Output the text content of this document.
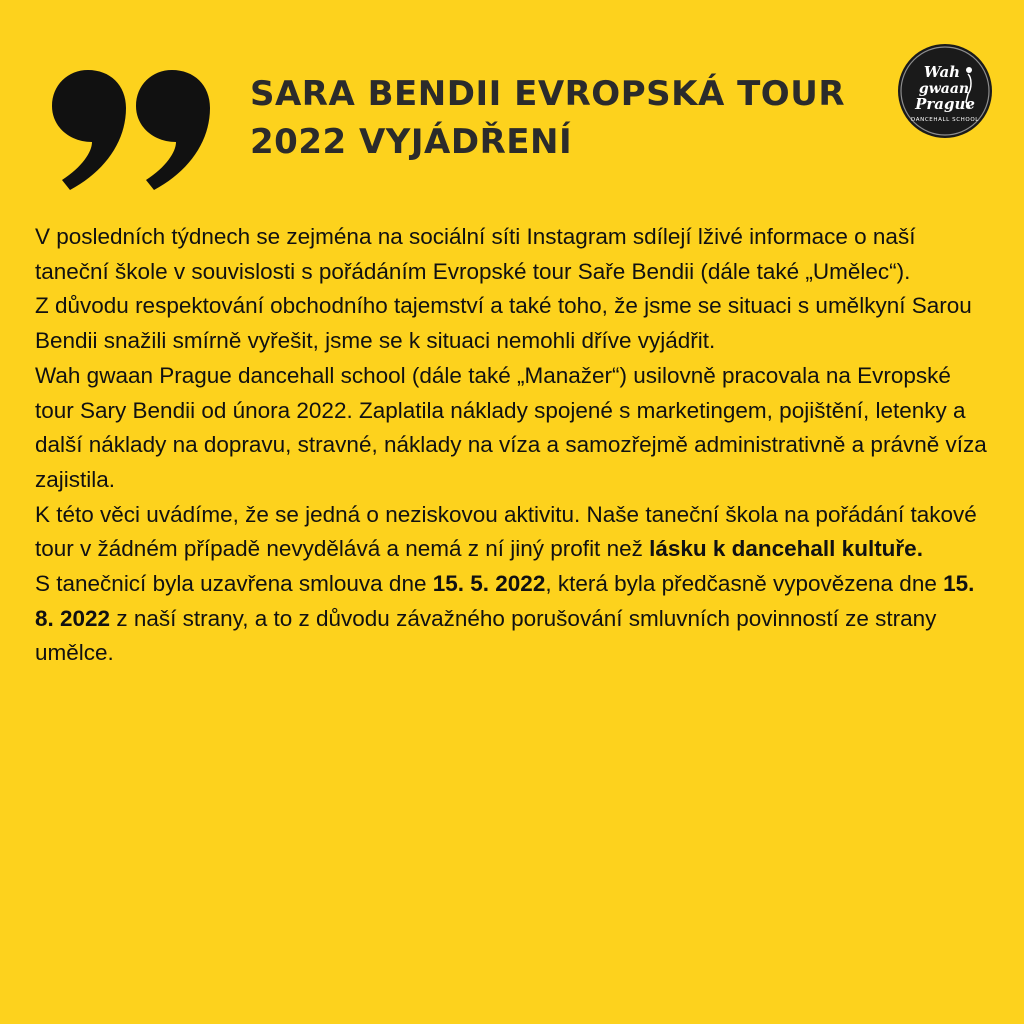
SARA BENDII EVROPSKÁ TOUR
2022 VYJÁDŘENÍ
Wah
gwaan
Prague
DANCEHALL SCHOOL

V posledních týdnech se zejména na sociální síti Instagram sdílejí lživé informace o naší taneční škole v souvislosti s pořádáním Evropské tour Saře Bendii (dále také „Umělec“).

Z důvodu respektování obchodního tajemství a také toho, že jsme se situaci s umělkyní Sarou Bendii snažili smírně vyřešit, jsme se k situaci nemohli dříve vyjádřit.

Wah gwaan Prague dancehall school (dále také „Manažer“) usilovně pracovala na Evropské tour Sary Bendii od února 2022. Zaplatila náklady spojené s marketingem, pojištění, letenky a další náklady na dopravu, stravné, náklady na víza a samozřejmě administrativně a právně víza zajistila.

K této věci uvádíme, že se jedná o neziskovou aktivitu. Naše taneční škola na pořádání takové tour v žádném případě nevydělává a nemá z ní jiný profit než lásku k dancehall kultuře.

S tanečnicí byla uzavřena smlouva dne 15. 5. 2022, která byla předčasně vypovězena dne 15. 8. 2022 z naší strany, a to z důvodu závažného porušování smluvních povinností ze strany umělce.
